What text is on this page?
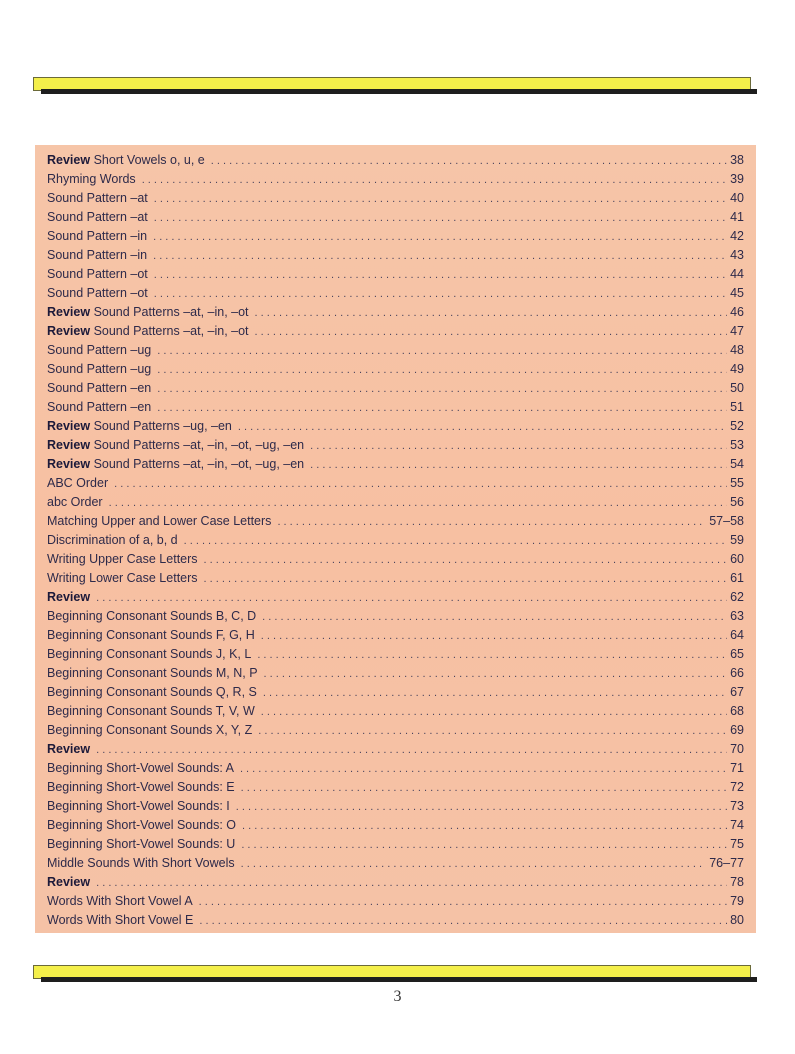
Review Short Vowels o, u, e . . .	38
Rhyming Words . . .	39
Sound Pattern –at . . .	40
Sound Pattern –at . . .	41
Sound Pattern –in . . .	42
Sound Pattern –in . . .	43
Sound Pattern –ot . . .	44
Sound Pattern –ot . . .	45
Review Sound Patterns –at, –in, –ot . . .	46
Review Sound Patterns –at, –in, –ot . . .	47
Sound Pattern –ug . . .	48
Sound Pattern –ug . . .	49
Sound Pattern –en . . .	50
Sound Pattern –en . . .	51
Review Sound Patterns –ug, –en . . .	52
Review Sound Patterns –at, –in, –ot, –ug, –en . . .	53
Review Sound Patterns –at, –in, –ot, –ug, –en . . .	54
ABC Order . . .	55
abc Order . . .	56
Matching Upper and Lower Case Letters . . .	57–58
Discrimination of a, b, d . . .	59
Writing Upper Case Letters . . .	60
Writing Lower Case Letters . . .	61
Review . . .	62
Beginning Consonant Sounds B, C, D . . .	63
Beginning Consonant Sounds F, G, H . . .	64
Beginning Consonant Sounds J, K, L . . .	65
Beginning Consonant Sounds M, N, P . . .	66
Beginning Consonant Sounds Q, R, S . . .	67
Beginning Consonant Sounds T, V, W . . .	68
Beginning Consonant Sounds X, Y, Z . . .	69
Review . . .	70
Beginning Short-Vowel Sounds: A . . .	71
Beginning Short-Vowel Sounds: E . . .	72
Beginning Short-Vowel Sounds: I . . .	73
Beginning Short-Vowel Sounds: O . . .	74
Beginning Short-Vowel Sounds: U . . .	75
Middle Sounds With Short Vowels . . .	76–77
Review . . .	78
Words With Short Vowel A . . .	79
Words With Short Vowel E . . .	80
3
